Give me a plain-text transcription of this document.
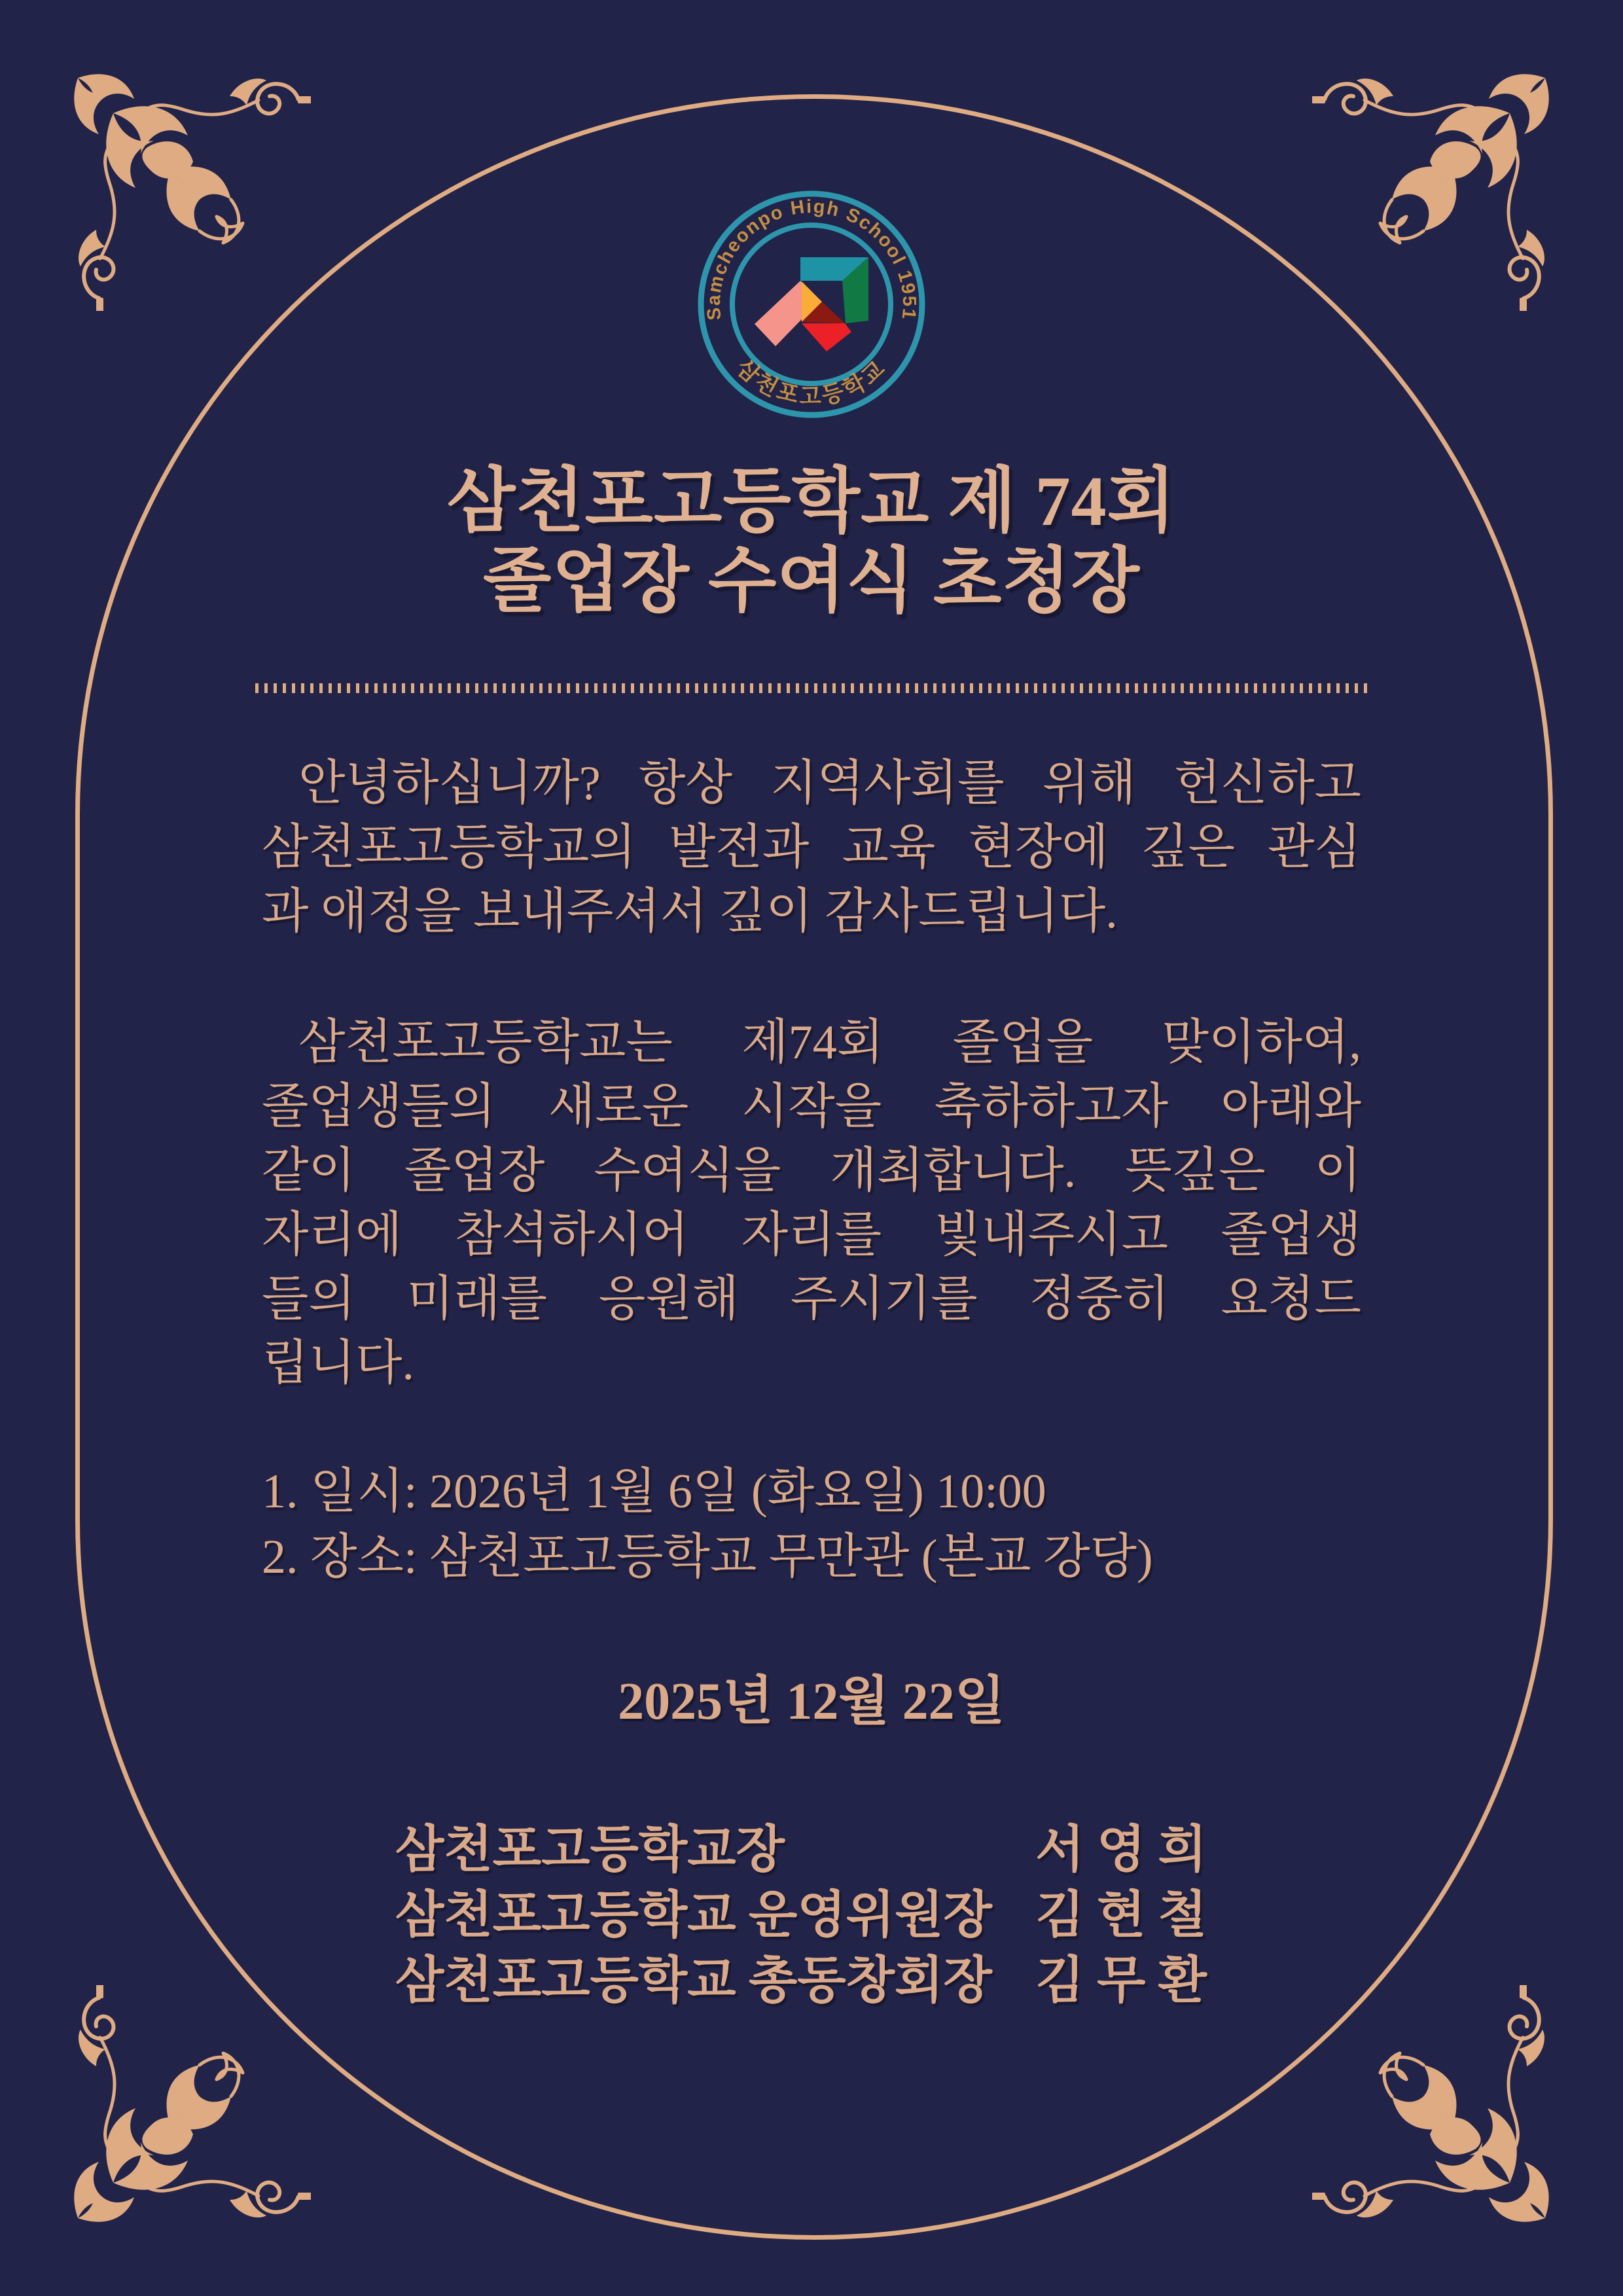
Samcheonpo High School 1951
삼천포고등학교
삼천포고등학교 제 74회
졸업장 수여식 초청장
안녕하십니까? 항상 지역사회를 위해 헌신하고
삼천포고등학교의 발전과 교육 현장에 깊은 관심
과 애정을 보내주셔서 깊이 감사드립니다.
삼천포고등학교는 제74회 졸업을 맞이하여,
졸업생들의 새로운 시작을 축하하고자 아래와
같이 졸업장 수여식을 개최합니다. 뜻깊은 이
자리에 참석하시어 자리를 빛내주시고 졸업생
들의 미래를 응원해 주시기를 정중히 요청드
립니다.
1. 일시: 2026년 1월 6일 (화요일) 10:00
2. 장소: 삼천포고등학교 무만관 (본교 강당)
2025년 12월 22일
삼천포고등학교장	서 영 희
삼천포고등학교 운영위원장 김 현 철
삼천포고등학교 총동창회장 김 무 환
